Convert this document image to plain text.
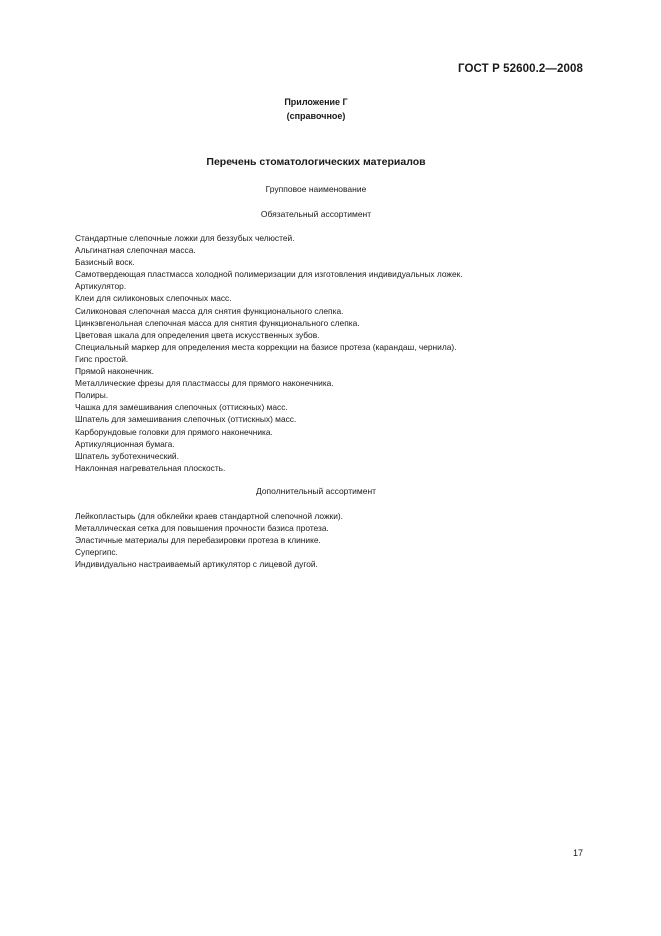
ГОСТ Р 52600.2—2008
Приложение Г
(справочное)
Перечень стоматологических материалов
Групповое наименование
Обязательный ассортимент
Стандартные слепочные ложки для беззубых челюстей.
Альгинатная слепочная масса.
Базисный воск.
Самотвердеющая пластмасса холодной полимеризации для изготовления индивидуальных ложек.
Артикулятор.
Клеи для силиконовых слепочных масс.
Силиконовая слепочная масса для снятия функционального слепка.
Цинкэвгенольная слепочная масса для снятия функционального слепка.
Цветовая шкала для определения цвета искусственных зубов.
Специальный маркер для определения места коррекции на базисе протеза (карандаш, чернила).
Гипс простой.
Прямой наконечник.
Металлические фрезы для пластмассы для прямого наконечника.
Полиры.
Чашка для замешивания слепочных (оттискных) масс.
Шпатель для замешивания слепочных (оттискных) масс.
Карборундовые головки для прямого наконечника.
Артикуляционная бумага.
Шпатель зуботехнический.
Наклонная нагревательная плоскость.
Дополнительный ассортимент
Лейкопластырь (для обклейки краев стандартной слепочной ложки).
Металлическая сетка для повышения прочности базиса протеза.
Эластичные материалы для перебазировки протеза в клинике.
Супергипс.
Индивидуально настраиваемый артикулятор с лицевой дугой.
17
